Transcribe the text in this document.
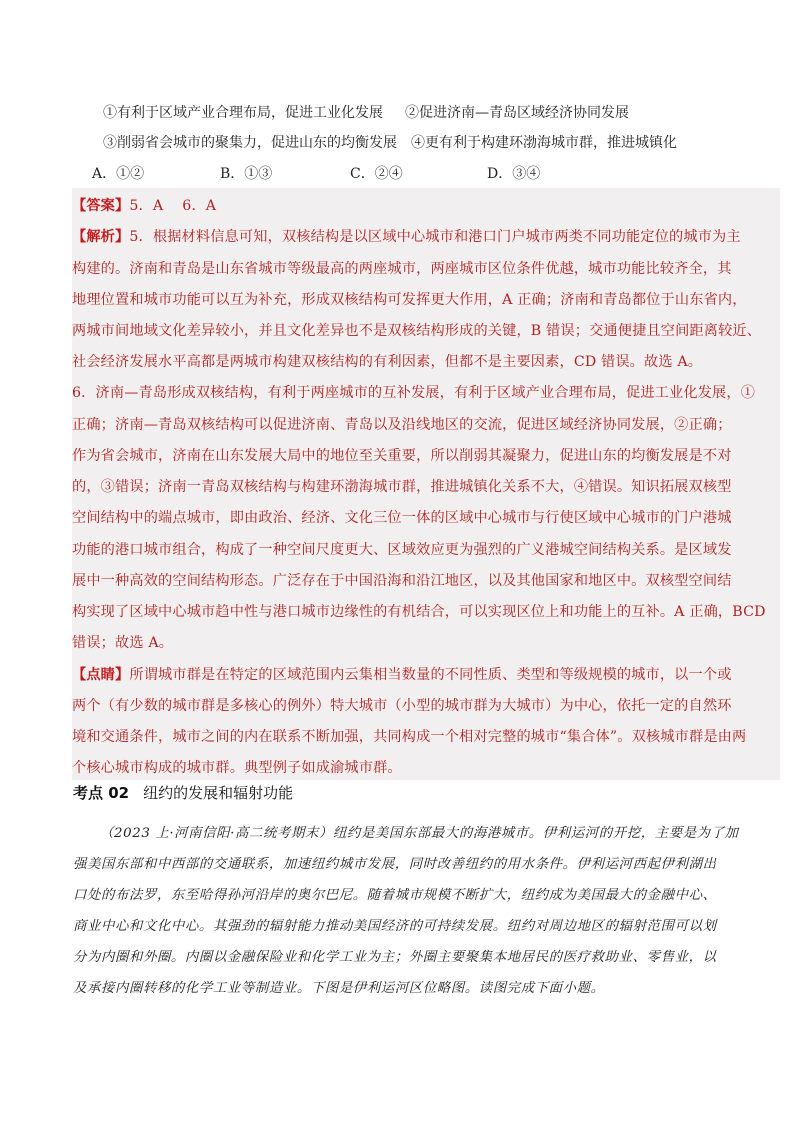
①有利于区域产业合理布局，促进工业化发展 ②促进济南—青岛区域经济协同发展
③削弱省会城市的聚集力，促进山东的均衡发展 ④更有利于构建环渤海城市群，推进城镇化
A．①②	B．①③	C．②④	D．③④
【答案】5．A　 6．A
【解析】5．根据材料信息可知，双核结构是以区域中心城市和港口门户城市两类不同功能定位的城市为主
构建的。济南和青岛是山东省城市等级最高的两座城市，两座城市区位条件优越，城市功能比较齐全，其
地理位置和城市功能可以互为补充，形成双核结构可发挥更大作用，A 正确；济南和青岛都位于山东省内，
两城市间地域文化差异较小，并且文化差异也不是双核结构形成的关键，B 错误；交通便捷且空间距离较近、
社会经济发展水平高都是两城市构建双核结构的有利因素，但都不是主要因素，CD 错误。故选 A。
6．济南—青岛形成双核结构，有利于两座城市的互补发展，有利于区域产业合理布局，促进工业化发展，①
正确；济南—青岛双核结构可以促进济南、青岛以及沿线地区的交流，促进区域经济协同发展，②正确；
作为省会城市，济南在山东发展大局中的地位至关重要，所以削弱其凝聚力，促进山东的均衡发展是不对
的，③错误；济南一青岛双核结构与构建环渤海城市群，推进城镇化关系不大，④错误。知识拓展双核型
空间结构中的端点城市，即由政治、经济、文化三位一体的区域中心城市与行使区域中心城市的门户港城
功能的港口城市组合，构成了一种空间尺度更大、区域效应更为强烈的广义港城空间结构关系。是区域发
展中一种高效的空间结构形态。广泛存在于中国沿海和沿江地区，以及其他国家和地区中。双核型空间结
构实现了区域中心城市趋中性与港口城市边缘性的有机结合，可以实现区位上和功能上的互补。A 正确，BCD
错误；故选 A。
【点睛】所谓城市群是在特定的区域范围内云集相当数量的不同性质、类型和等级规模的城市，以一个或
两个（有少数的城市群是多核心的例外）特大城市（小型的城市群为大城市）为中心，依托一定的自然环
境和交通条件，城市之间的内在联系不断加强，共同构成一个相对完整的城市“集合体”。双核城市群是由两
个核心城市构成的城市群。典型例子如成渝城市群。
考点 02 纽约的发展和辐射功能
（2023 上·河南信阳·高二统考期末）纽约是美国东部最大的海港城市。伊利运河的开挖，主要是为了加
强美国东部和中西部的交通联系，加速纽约城市发展，同时改善纽约的用水条件。伊利运河西起伊利湖出
口处的布法罗，东至哈得孙河沿岸的奥尔巴尼。随着城市规模不断扩大，纽约成为美国最大的金融中心、
商业中心和文化中心。其强劲的辐射能力推动美国经济的可持续发展。纽约对周边地区的辐射范围可以划
分为内圈和外圈。内圈以金融保险业和化学工业为主；外圈主要聚集本地居民的医疗救助业、零售业，以
及承接内圈转移的化学工业等制造业。下图是伊利运河区位略图。读图完成下面小题。
